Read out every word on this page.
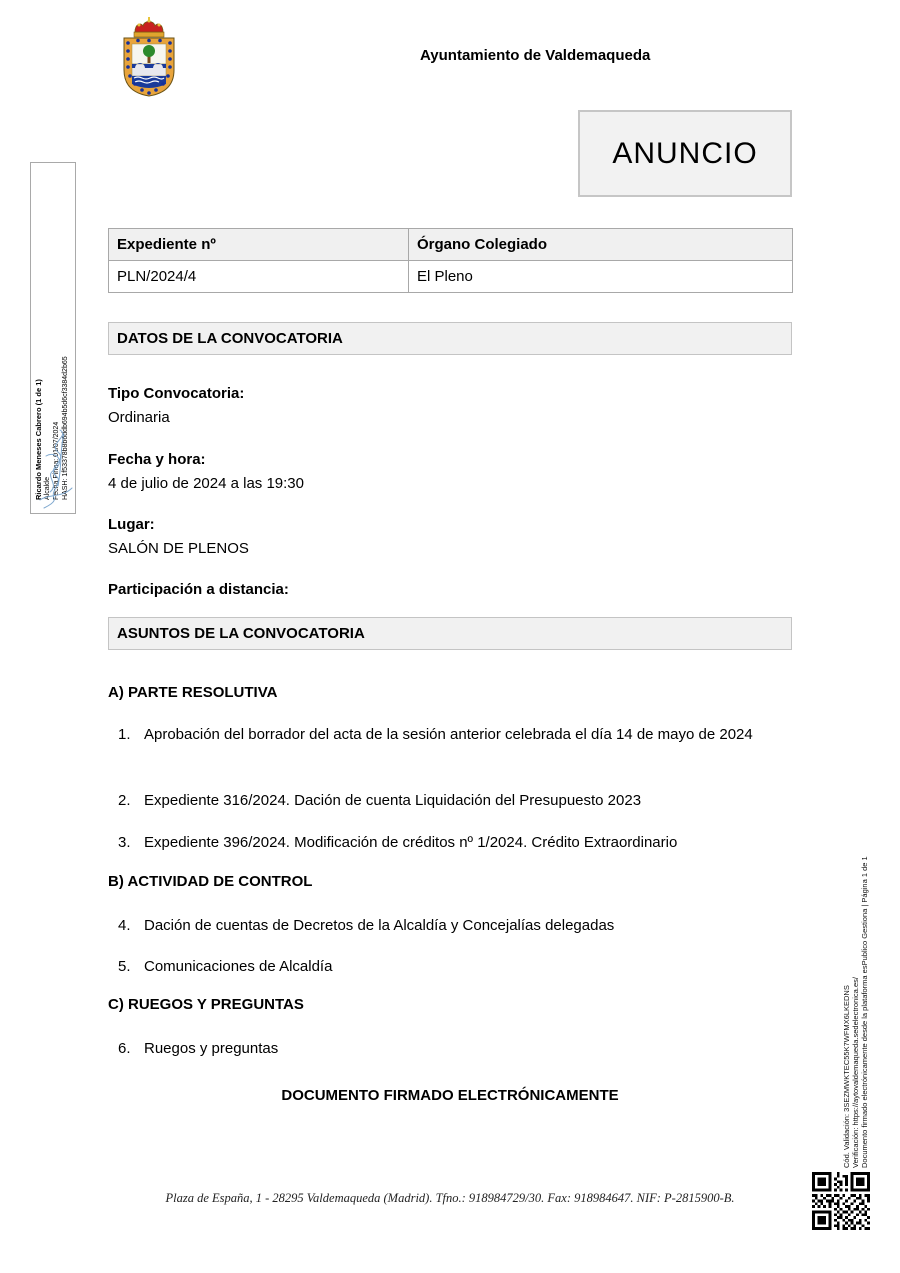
Ayuntamiento de Valdemaqueda
ANUNCIO
Expediente nº	Órgano Colegiado
PLN/2024/4	El Pleno
DATOS DE LA CONVOCATORIA
Tipo Convocatoria:
Ordinaria
Fecha y hora:
4 de julio de 2024 a las 19:30
Lugar:
SALÓN DE PLENOS
Participación a distancia:
ASUNTOS DE LA CONVOCATORIA
A) PARTE RESOLUTIVA
1. Aprobación del borrador del acta de la sesión anterior celebrada el día 14 de mayo de 2024
2. Expediente 316/2024. Dación de cuenta Liquidación del Presupuesto 2023
3. Expediente 396/2024. Modificación de créditos nº 1/2024. Crédito Extraordinario
B) ACTIVIDAD DE CONTROL
4. Dación de cuentas de Decretos de la Alcaldía y Concejalías delegadas
5. Comunicaciones de Alcaldía
C) RUEGOS Y PREGUNTAS
6. Ruegos y preguntas
DOCUMENTO FIRMADO ELECTRÓNICAMENTE
Plaza de España, 1 - 28295 Valdemaqueda (Madrid). Tfno.: 918984729/30. Fax: 918984647. NIF: P-2815900-B.
Ricardo Meneses Cabrero (1 de 1) Alcalde Fecha Firma: 01/07/2024 HASH: 1f53378b8b6ddb694b5d6cf3384d2b65
Cód. Validación: 3SEZMWKTEC55K7WFMX6LKEDNS Verificación: https://aytovaldemaqueda.sedelectronica.es/ Documento firmado electrónicamente desde la plataforma esPublico Gestiona | Página 1 de 1
